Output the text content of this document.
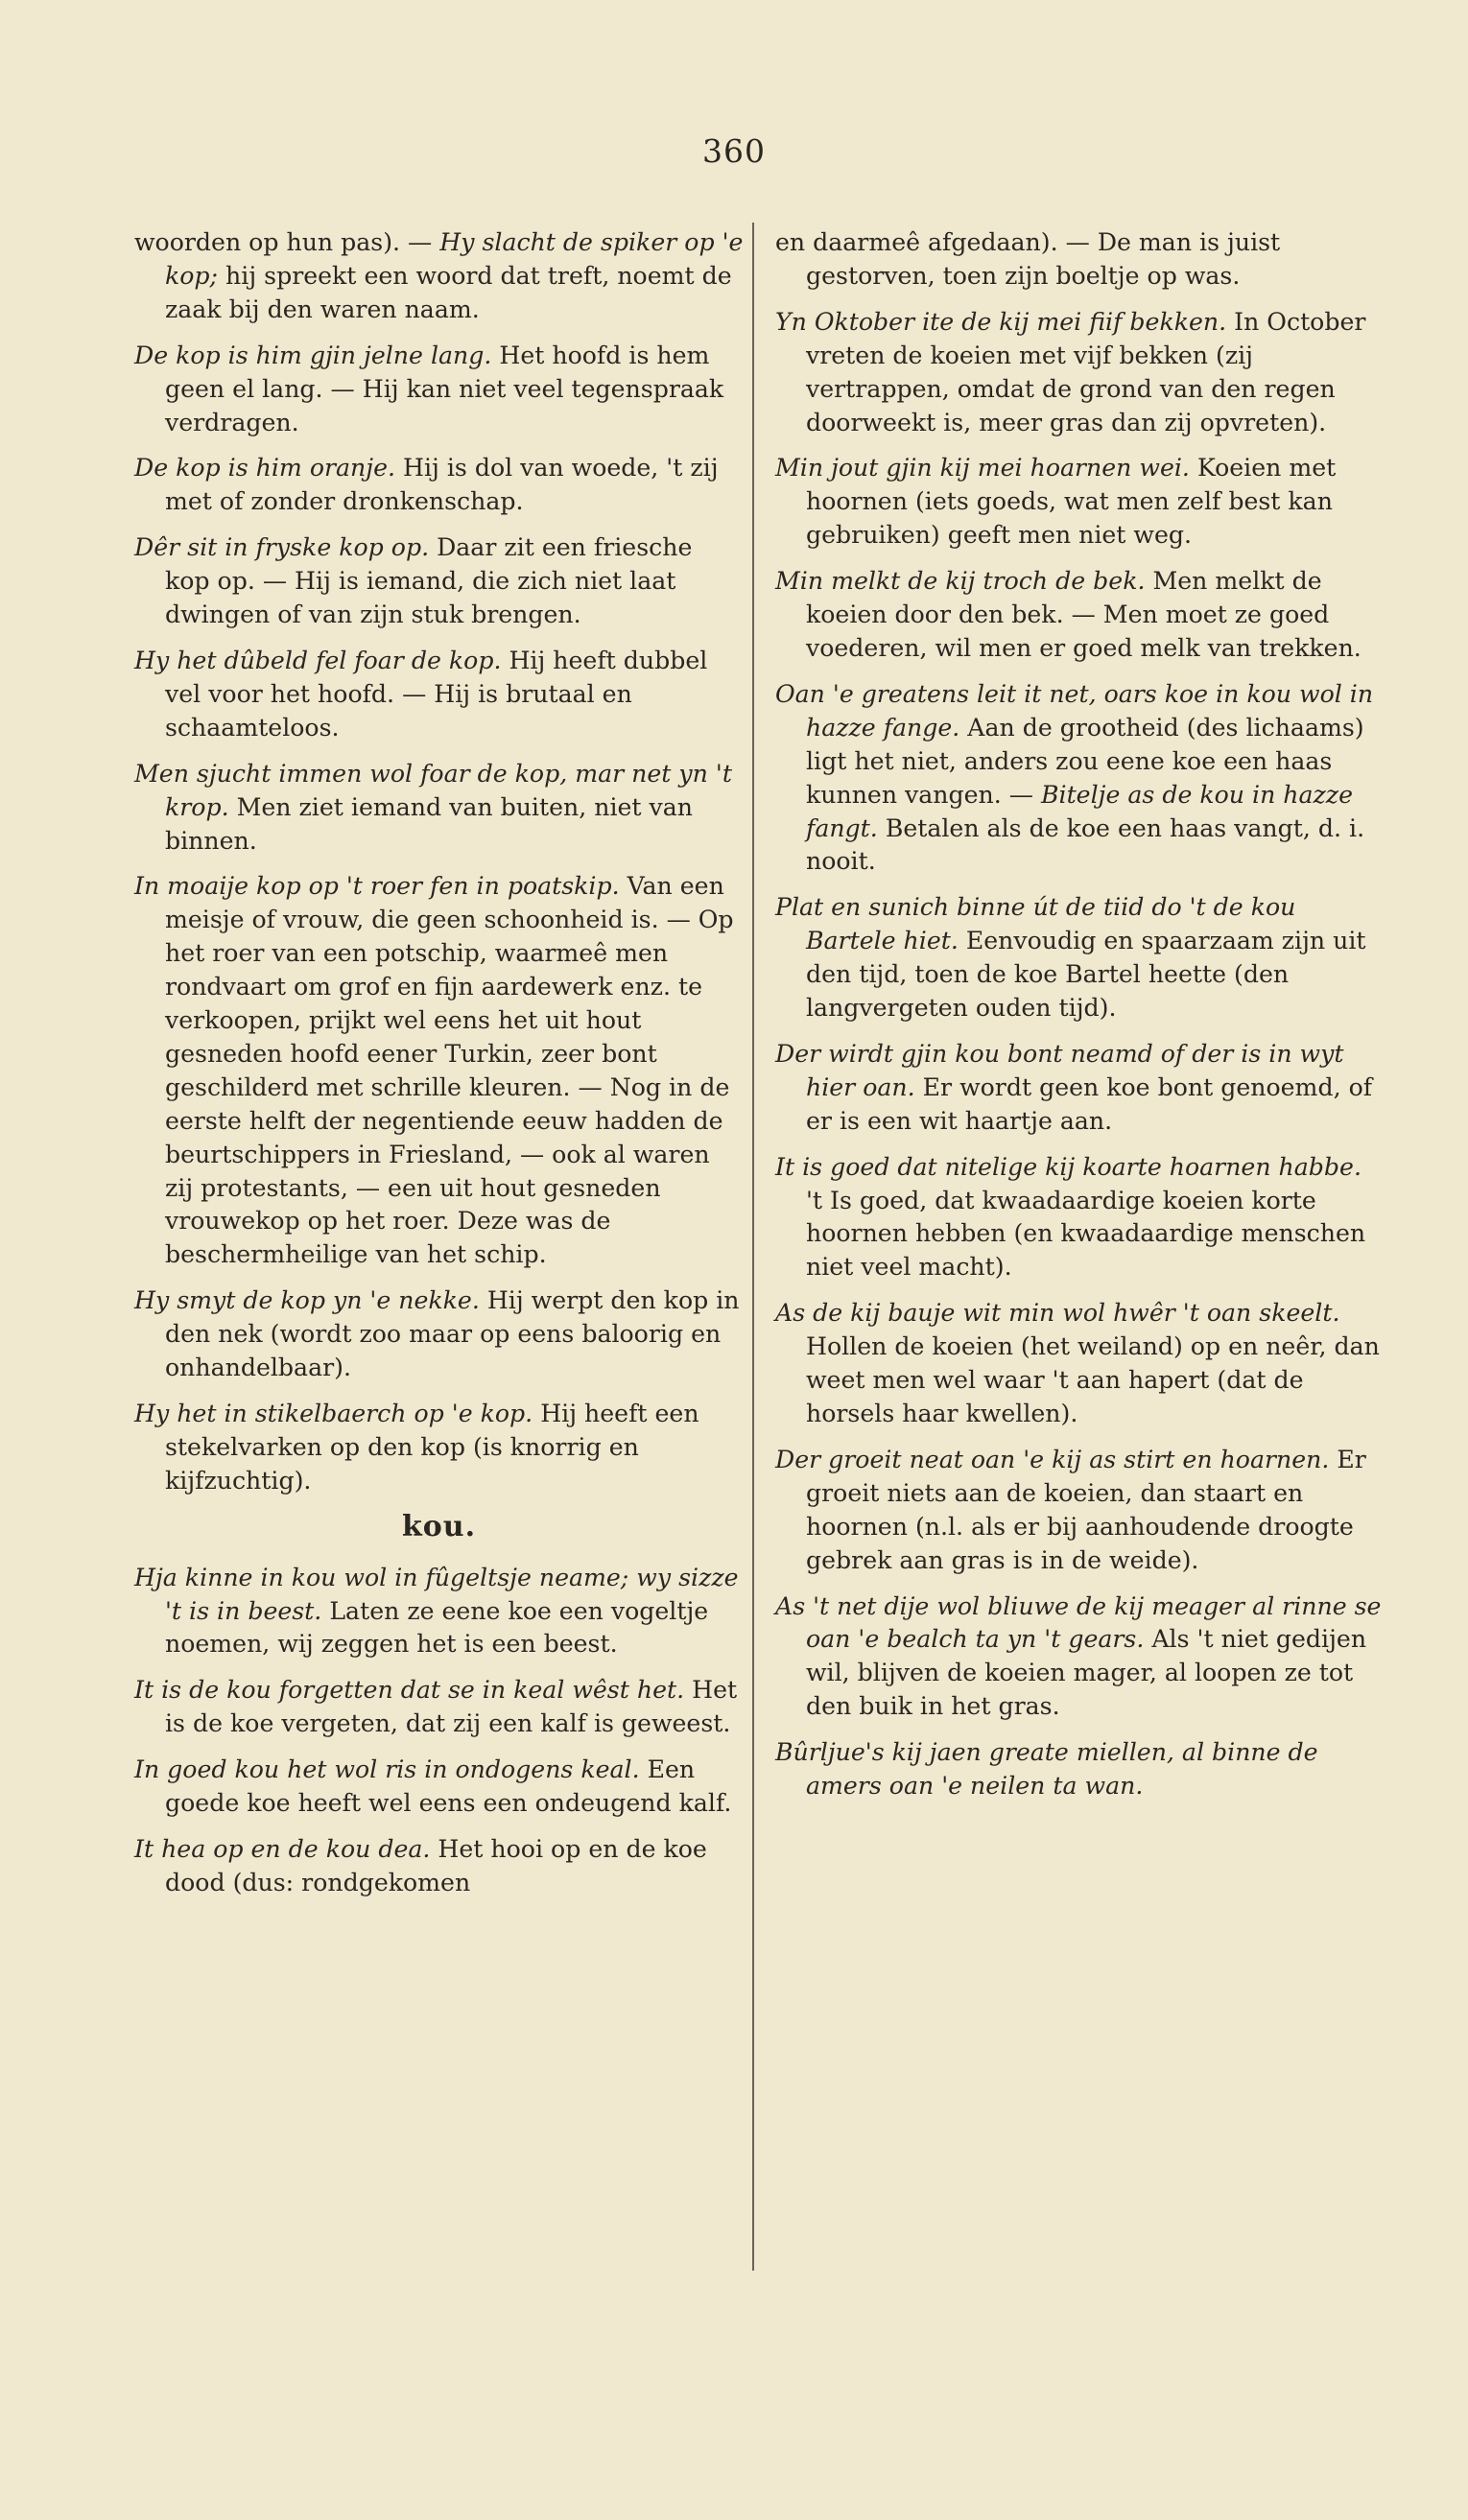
360
woorden op hun pas). — Hy slacht de spiker op 'e kop; hij spreekt een woord dat treft, noemt de zaak bij den waren naam.
De kop is him gjin jelne lang. Het hoofd is hem geen el lang. — Hij kan niet veel tegenspraak verdragen.
De kop is him oranje. Hij is dol van woede, 't zij met of zonder dronkenschap.
Dêr sit in fryske kop op. Daar zit een friesche kop op. — Hij is iemand, die zich niet laat dwingen of van zijn stuk brengen.
Hy het dûbeld fel foar de kop. Hij heeft dubbel vel voor het hoofd. — Hij is brutaal en schaamteloos.
Men sjucht immen wol foar de kop, mar net yn 't krop. Men ziet iemand van buiten, niet van binnen.
In moaije kop op 't roer fen in poatskip. Van een meisje of vrouw, die geen schoonheid is. — Op het roer van een potschip, waarmeê men rondvaart om grof en fijn aardewerk enz. te verkoopen, prijkt wel eens het uit hout gesneden hoofd eener Turkin, zeer bont geschilderd met schrille kleuren. — Nog in de eerste helft der negentiende eeuw hadden de beurtschippers in Friesland, — ook al waren zij protestants, — een uit hout gesneden vrouwekop op het roer. Deze was de beschermheilige van het schip.
Hy smyt de kop yn 'e nekke. Hij werpt den kop in den nek (wordt zoo maar op eens baloorig en onhandelbaar).
Hy het in stikelbaerch op 'e kop. Hij heeft een stekelvarken op den kop (is knorrig en kijfzuchtig).
kou.
Hja kinne in kou wol in fûgeltsje neame; wy sizze 't is in beest. Laten ze eene koe een vogeltje noemen, wij zeggen het is een beest.
It is de kou forgetten dat se in keal wêst het. Het is de koe vergeten, dat zij een kalf is geweest.
In goed kou het wol ris in ondogens keal. Een goede koe heeft wel eens een ondeugend kalf.
It hea op en de kou dea. Het hooi op en de koe dood (dus: rondgekomen
en daarmeê afgedaan). — De man is juist gestorven, toen zijn boeltje op was.
Yn Oktober ite de kij mei fiif bekken. In October vreten de koeien met vijf bekken (zij vertrappen, omdat de grond van den regen doorweekt is, meer gras dan zij opvreten).
Min jout gjin kij mei hoarnen wei. Koeien met hoornen (iets goeds, wat men zelf best kan gebruiken) geeft men niet weg.
Min melkt de kij troch de bek. Men melkt de koeien door den bek. — Men moet ze goed voederen, wil men er goed melk van trekken.
Oan 'e greatens leit it net, oars koe in kou wol in hazze fange. Aan de grootheid (des lichaams) ligt het niet, anders zou eene koe een haas kunnen vangen. — Biteljе as de kou in hazze fangt. Betalen als de koe een haas vangt, d. i. nooit.
Plat en sunich binne út de tiid do 't de kou Bartele hiet. Eenvoudig en spaarzaam zijn uit den tijd, toen de koe Bartel heette (den langvergeten ouden tijd).
Der wirdt gjin kou bont neamd of der is in wyt hier oan. Er wordt geen koe bont genoemd, of er is een wit haartje aan.
It is goed dat nitelige kij koarte hoarnen habbe. 't Is goed, dat kwaadaardige koeien korte hoornen hebben (en kwaadaardige menschen niet veel macht).
As de kij bauje wit min wol hwêr 't oan skeelt. Hollen de koeien (het weiland) op en neêr, dan weet men wel waar 't aan hapert (dat de horsels haar kwellen).
Der groeit neat oan 'e kij as stirt en hoarnen. Er groeit niets aan de koeien, dan staart en hoornen (n.l. als er bij aanhoudende droogte gebrek aan gras is in de weide).
As 't net dije wol bliuwe de kij meager al rinne se oan 'e bealch ta yn 't gears. Als 't niet gedijen wil, blijven de koeien mager, al loopen ze tot den buik in het gras.
Bûrljue's kij jaen greate miellen, al binne de amers oan 'e neilen ta wan.
